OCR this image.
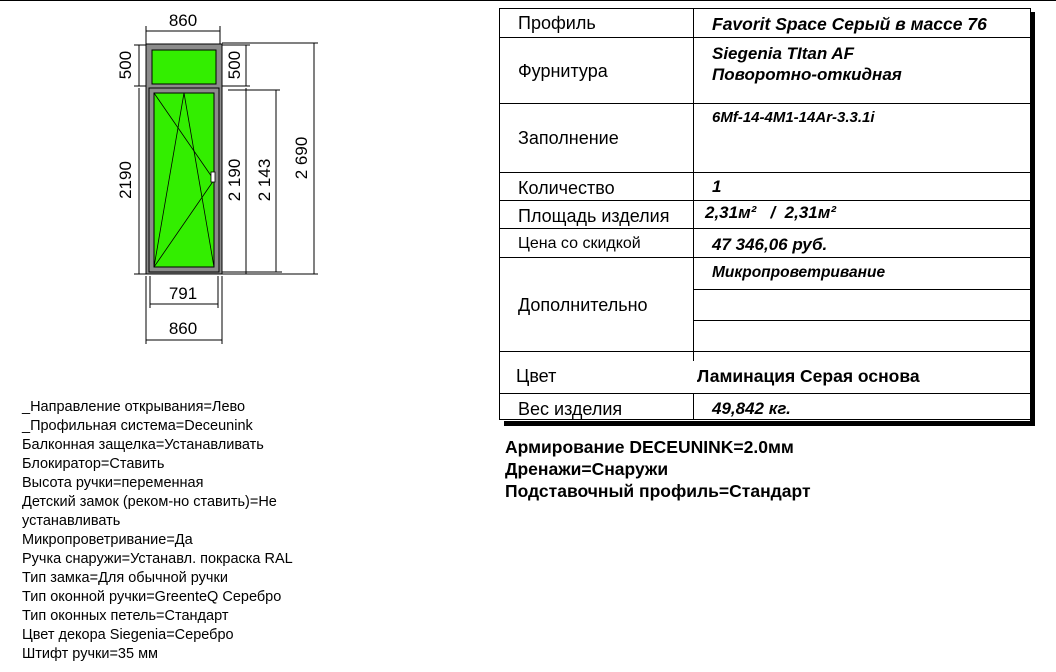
860
500
2190
500
2 190 2 143
2 690
791
860
Профиль
Фурнитура
Заполнение
Количество
Площадь изделия
Цена со скидкой
Дополнительно
Цвет
Вес изделия
Favorit Space Серый в массе 76
Siegenia TItan AF
Поворотно-откидная
6Mf-14-4M1-14Ar-3.3.1i
1
2,31м²   /  2,31м²
47 346,06 руб.
Микропроветривание
Ламинация Серая основа
49,842 кг.
Армирование DECEUNINK=2.0мм
Дренажи=Снаружи
Подставочный профиль=Стандарт
_Направление открывания=Лево
_Профильная система=Deceunink
Балконная защелка=Устанавливать
Блокиратор=Ставить
Высота ручки=переменная
Детский замок (реком-но ставить)=Не
устанавливать
Микропроветривание=Да
Ручка снаружи=Устанавл. покраска RAL
Тип замка=Для обычной ручки
Тип оконной ручки=GreenteQ Серебро
Тип оконных петель=Стандарт
Цвет декора Siegenia=Серебро
Штифт ручки=35 мм
